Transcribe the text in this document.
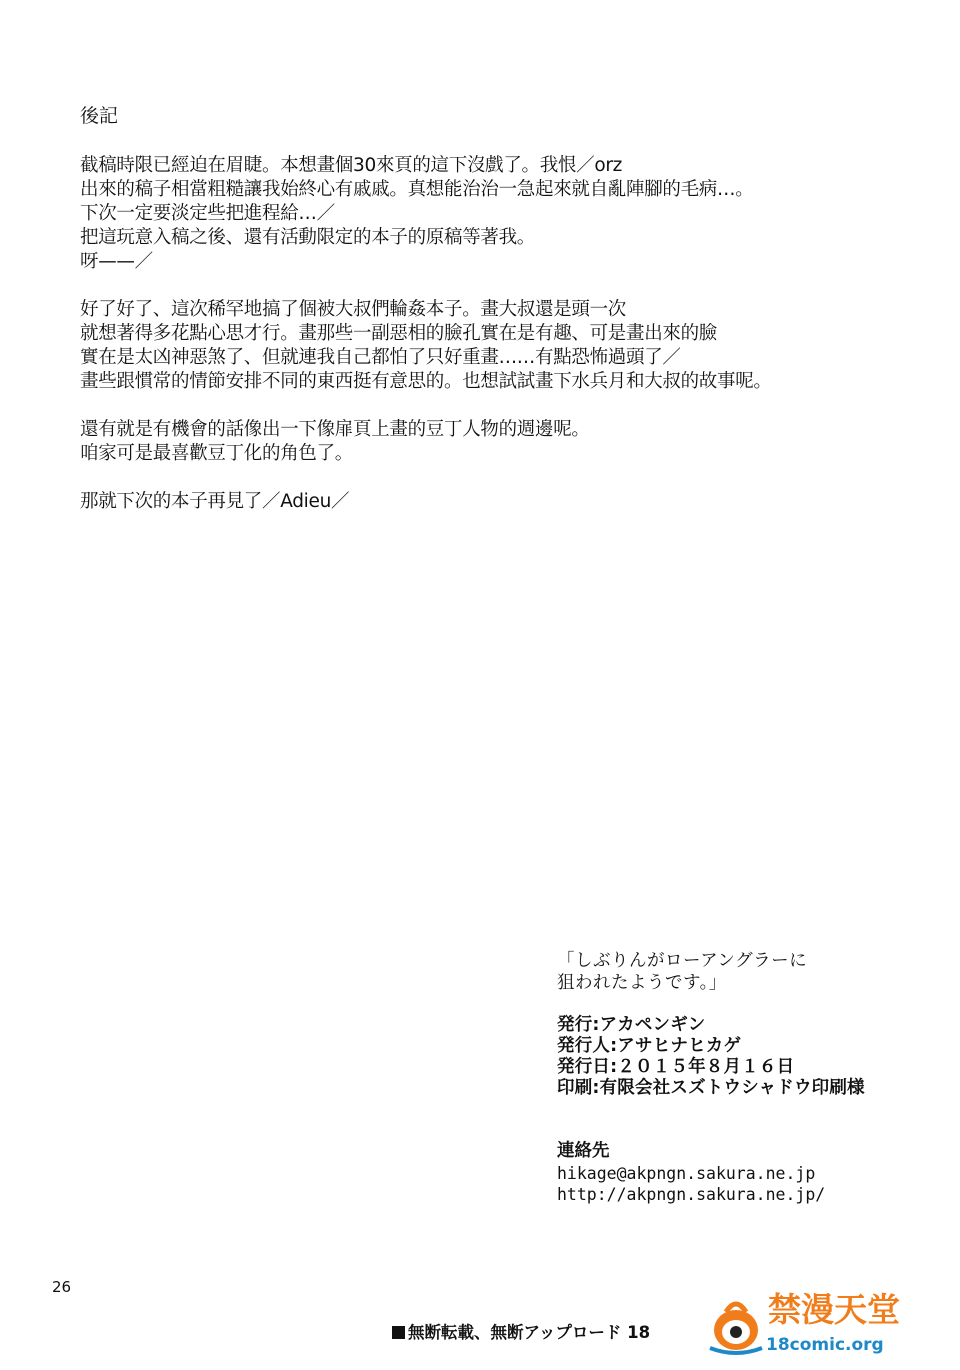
後記
截稿時限已經迫在眉睫。本想畫個30來頁的這下沒戲了。我恨／orz
出來的稿子相當粗糙讓我始終心有戚戚。真想能治治一急起來就自亂陣腳的毛病…。
下次一定要淡定些把進程給…／
把這玩意入稿之後、還有活動限定的本子的原稿等著我。
呀——／
好了好了、這次稀罕地搞了個被大叔們輪姦本子。畫大叔還是頭一次
就想著得多花點心思才行。畫那些一副惡相的臉孔實在是有趣、可是畫出來的臉
實在是太凶神惡煞了、但就連我自己都怕了只好重畫……有點恐怖過頭了／
畫些跟慣常的情節安排不同的東西挺有意思的。也想試試畫下水兵月和大叔的故事呢。
還有就是有機會的話像出一下像扉頁上畫的豆丁人物的週邊呢。
咱家可是最喜歡豆丁化的角色了。
那就下次的本子再見了／Adieu／
「しぶりんがローアングラーに
狙われたようです。」
発行:アカペンギン
発行人:アサヒナヒカゲ
発行日:２０１５年８月１６日
印刷:有限会社スズトウシャドウ印刷様
連絡先
hikage@akpngn.sakura.ne.jp
http://akpngn.sakura.ne.jp/
26
無断転載、無断アップロード 18
禁漫天堂
18comic.org
